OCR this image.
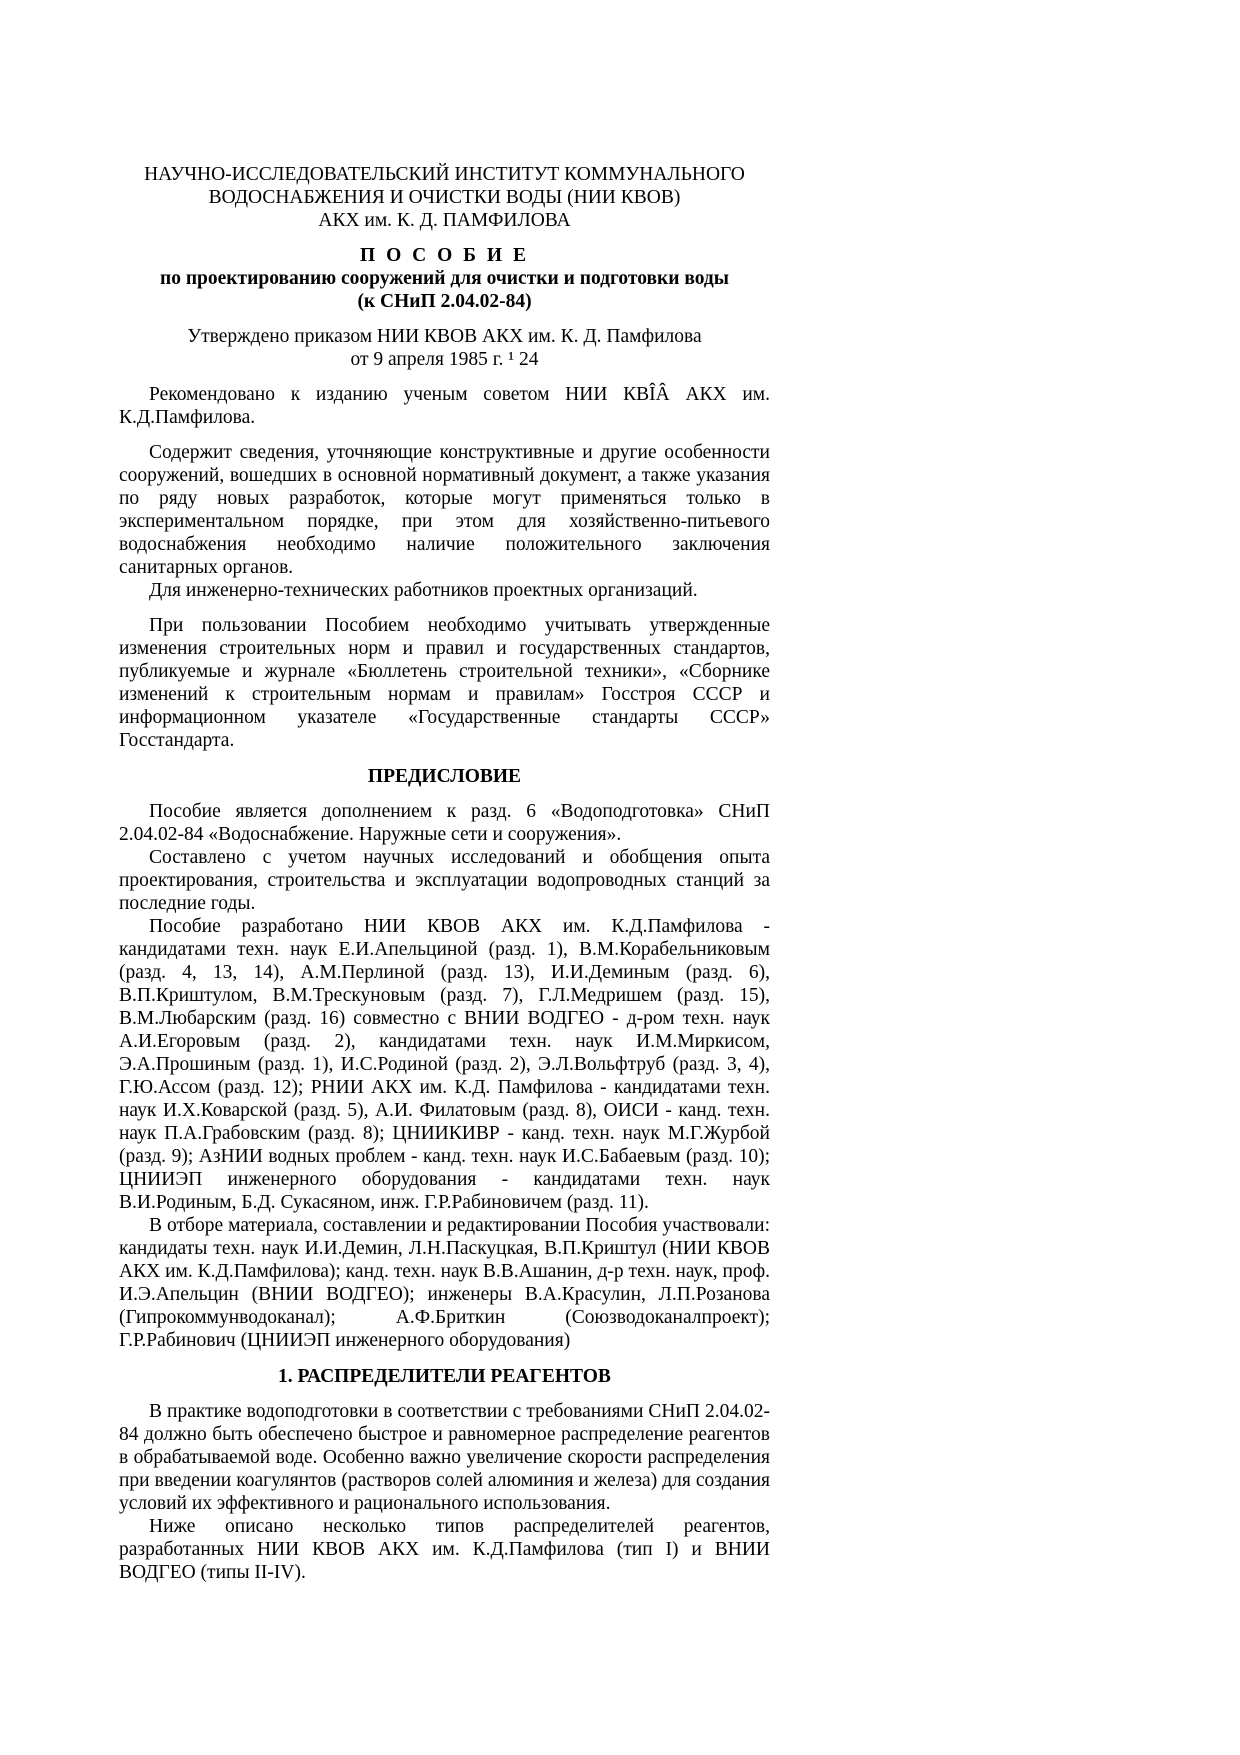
НАУЧНО-ИССЛЕДОВАТЕЛЬСКИЙ ИНСТИТУТ КОММУНАЛЬНОГО
ВОДОСНАБЖЕНИЯ И ОЧИСТКИ ВОДЫ (НИИ КВОВ)
АКХ им. К. Д. ПАМФИЛОВА
П О С О Б И Е
по проектированию сооружений для очистки и подготовки воды
(к СНиП 2.04.02-84)
Утверждено приказом НИИ КВОВ АКХ им. К. Д. Памфилова
от 9 апреля 1985 г. ¹ 24

Рекомендовано к изданию ученым советом НИИ КВÎÂ АКХ им. К.Д.Памфилова.

Содержит сведения, уточняющие конструктивные и другие особенности сооружений, вошедших в основной нормативный документ, а также указания по ряду новых разработок, которые могут применяться только в экспериментальном порядке, при этом для хозяйственно-питьевого водоснабжения необходимо наличие положительного заключения санитарных органов.

Для инженерно-технических работников проектных организаций.

При пользовании Пособием необходимо учитывать утвержденные изменения строительных норм и правил и государственных стандартов, публикуемые и журнале «Бюллетень строительной техники», «Сборнике изменений к строительным нормам и правилам» Госстроя СССР и информационном указателе «Государственные стандарты СССР» Госстандарта.

ПРЕДИСЛОВИЕ

Пособие является дополнением к разд. 6 «Водоподготовка» СНиП 2.04.02-84 «Водоснабжение. Наружные сети и сооружения».

Составлено с учетом научных исследований и обобщения опыта проектирования, строительства и эксплуатации водопроводных станций за последние годы.

Пособие разработано НИИ КВОВ АКХ им. К.Д.Памфилова - кандидатами техн. наук Е.И.Апельциной (разд. 1), В.М.Корабельниковым (разд. 4, 13, 14), А.М.Перлиной (разд. 13), И.И.Деминым (разд. 6), В.П.Криштулом, В.М.Трескуновым (разд. 7), Г.Л.Медришем (разд. 15), В.М.Любарским (разд. 16) совместно с ВНИИ ВОДГЕО - д-ром техн. наук А.И.Егоровым (разд. 2), кандидатами техн. наук И.М.Миркисом, Э.А.Прошиным (разд. 1), И.С.Родиной (разд. 2), Э.Л.Вольфтруб (разд. 3, 4), Г.Ю.Ассом (разд. 12); РНИИ АКХ им. К.Д. Памфилова - кандидатами техн. наук И.Х.Коварской (разд. 5), А.И. Филатовым (разд. 8), ОИСИ - канд. техн. наук П.А.Грабовским (разд. 8); ЦНИИКИВР - канд. техн. наук М.Г.Журбой (разд. 9); АзНИИ водных проблем - канд. техн. наук И.С.Бабаевым (разд. 10); ЦНИИЭП инженерного оборудования - кандидатами техн. наук В.И.Родиным, Б.Д. Сукасяном, инж. Г.Р.Рабиновичем (разд. 11).

В отборе материала, составлении и редактировании Пособия участвовали: кандидаты техн. наук И.И.Демин, Л.Н.Паскуцкая, В.П.Криштул (НИИ КВОВ АКХ им. К.Д.Памфилова); канд. техн. наук В.В.Ашанин, д-р техн. наук, проф. И.Э.Апельцин (ВНИИ ВОДГЕО); инженеры В.А.Красулин, Л.П.Розанова (Гипрокоммунводоканал); А.Ф.Бриткин (Союзводоканалпроект); Г.Р.Рабинович (ЦНИИЭП инженерного оборудования)

1. РАСПРЕДЕЛИТЕЛИ РЕАГЕНТОВ

В практике водоподготовки в соответствии с требованиями СНиП 2.04.02-84 должно быть обеспечено быстрое и равномерное распределение реагентов в обрабатываемой воде. Особенно важно увеличение скорости распределения при введении коагулянтов (растворов солей алюминия и железа) для создания условий их эффективного и рационального использования.

Ниже описано несколько типов распределителей реагентов, разработанных НИИ КВОВ АКХ им. К.Д.Памфилова (тип I) и ВНИИ ВОДГЕО (типы II-IV).
